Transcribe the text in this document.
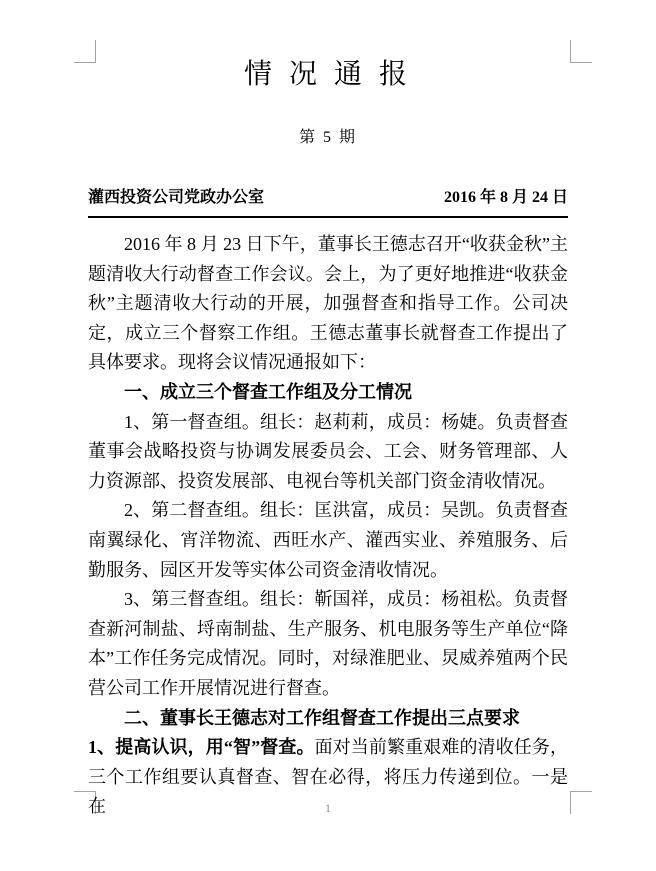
情 况 通 报
第 5 期
灌西投资公司党政办公室	2016 年 8 月 24 日

2016 年 8 月 23 日下午，董事长王德志召开“收获金秋”主题清收大行动督查工作会议。会上，为了更好地推进“收获金秋”主题清收大行动的开展，加强督查和指导工作。公司决定，成立三个督察工作组。王德志董事长就督查工作提出了具体要求。现将会议情况通报如下：

一、成立三个督查工作组及分工情况

1、第一督查组。组长：赵莉莉，成员：杨婕。负责督查董事会战略投资与协调发展委员会、工会、财务管理部、人力资源部、投资发展部、电视台等机关部门资金清收情况。

2、第二督查组。组长：匡洪富，成员：吴凯。负责督查南翼绿化、宵洋物流、西旺水产、灌西实业、养殖服务、后勤服务、园区开发等实体公司资金清收情况。

3、第三督查组。组长：靳国祥，成员：杨祖松。负责督查新河制盐、埒南制盐、生产服务、机电服务等生产单位“降本”工作任务完成情况。同时，对绿淮肥业、炅威养殖两个民营公司工作开展情况进行督查。

二、董事长王德志对工作组督查工作提出三点要求

1、提高认识，用“智”督查。面对当前繁重艰难的清收任务，三个工作组要认真督查、智在必得，将压力传递到位。一是在	1
